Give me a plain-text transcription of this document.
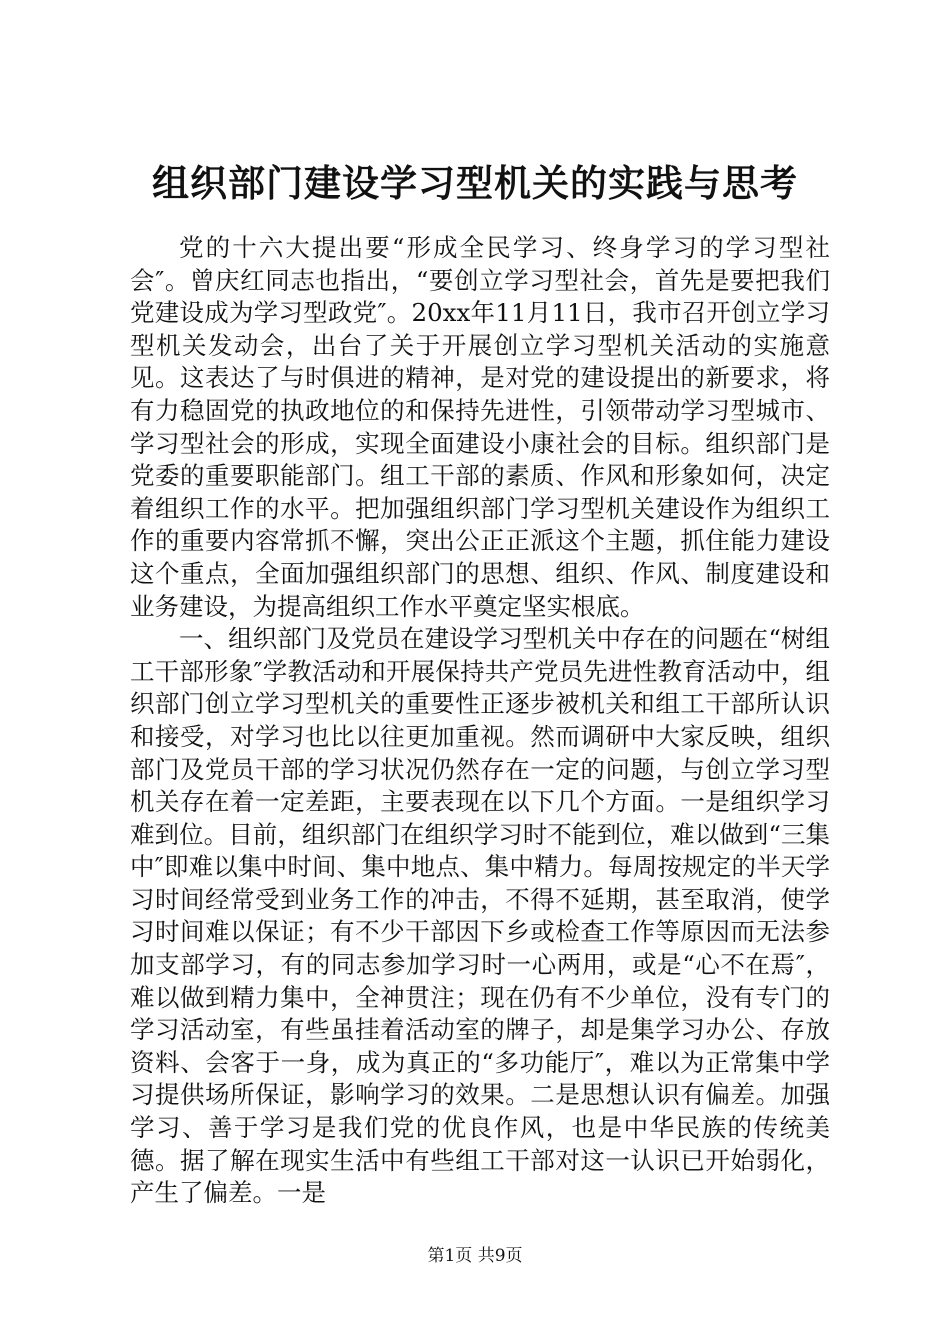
组织部门建设学习型机关的实践与思考

党的十六大提出要“形成全民学习、终身学习的学习型社会″。曾庆红同志也指出，“要创立学习型社会，首先是要把我们党建设成为学习型政党″。20xx年11月11日，我市召开创立学习型机关发动会，出台了关于开展创立学习型机关活动的实施意见。这表达了与时俱进的精神，是对党的建设提出的新要求，将有力稳固党的执政地位的和保持先进性，引领带动学习型城市、学习型社会的形成，实现全面建设小康社会的目标。组织部门是党委的重要职能部门。组工干部的素质、作风和形象如何，决定着组织工作的水平。把加强组织部门学习型机关建设作为组织工作的重要内容常抓不懈，突出公正正派这个主题，抓住能力建设这个重点，全面加强组织部门的思想、组织、作风、制度建设和业务建设，为提高组织工作水平奠定坚实根底。

一、组织部门及党员在建设学习型机关中存在的问题在“树组工干部形象″学教活动和开展保持共产党员先进性教育活动中，组织部门创立学习型机关的重要性正逐步被机关和组工干部所认识和接受，对学习也比以往更加重视。然而调研中大家反映，组织部门及党员干部的学习状况仍然存在一定的问题，与创立学习型机关存在着一定差距，主要表现在以下几个方面。一是组织学习难到位。目前，组织部门在组织学习时不能到位，难以做到“三集中″即难以集中时间、集中地点、集中精力。每周按规定的半天学习时间经常受到业务工作的冲击，不得不延期，甚至取消，使学习时间难以保证；有不少干部因下乡或检查工作等原因而无法参加支部学习，有的同志参加学习时一心两用，或是“心不在焉″，难以做到精力集中，全神贯注；现在仍有不少单位，没有专门的学习活动室，有些虽挂着活动室的牌子，却是集学习办公、存放资料、会客于一身，成为真正的“多功能厅″，难以为正常集中学习提供场所保证，影响学习的效果。二是思想认识有偏差。加强学习、善于学习是我们党的优良作风，也是中华民族的传统美德。据了解在现实生活中有些组工干部对这一认识已开始弱化，产生了偏差。一是

第1页 共9页
